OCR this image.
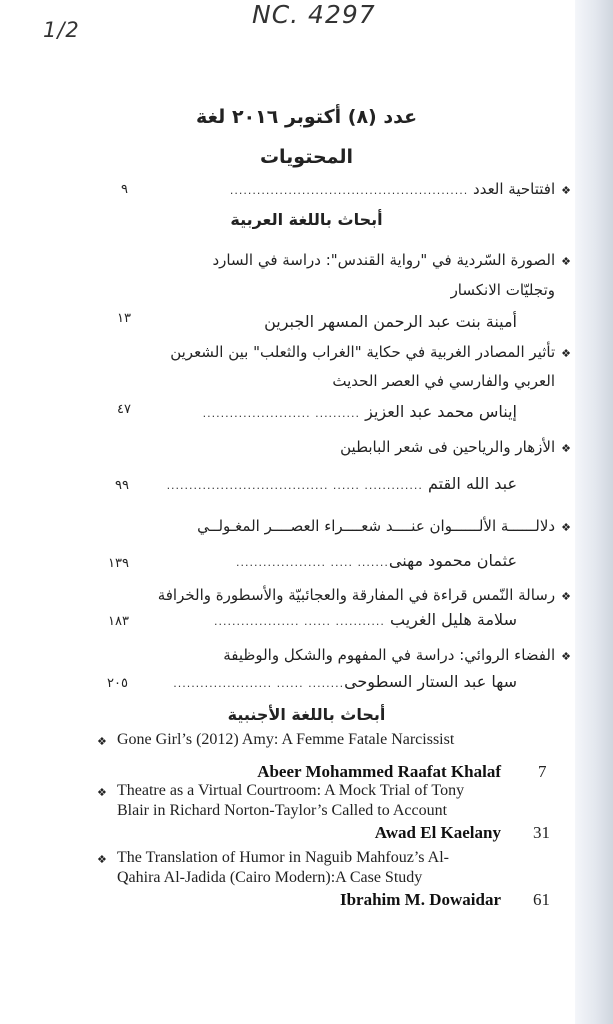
1/2
NC. 4297
عدد (٨) أكتوبر ٢٠١٦ لغة
المحتويات
❖افتتاحية العدد .....................................................
٩
أبحاث باللغة العربية
❖الصورة السّردية في "رواية القندس": دراسة في السارد
وتجليّات الانكسار
أمينة بنت عبد الرحمن المسهر الجبرين
١٣
❖تأثير المصادر الغربية في حكاية "الغراب والثعلب" بين الشعرين
العربي والفارسي في العصر الحديث
إيناس محمد عبد العزيز .......... ........................
٤٧
❖الأزهار والرياحين فى شعر البابطين
عبد الله القتم ............. ...... ....................................
٩٩
❖دلالــــــة الألــــــوان عنــــد شعــــراء العصــــر المغـولــي
عثمان محمود مهنى....... ..... ....................
١٣٩
❖رسالة النّمس قراءة في المفارقة والعجائبيّة والأسطورة والخرافة
سلامة هليل الغريب ........... ...... ...................
١٨٣
❖الفضاء الروائي: دراسة في المفهوم والشكل والوظيفة
سها عبد الستار السطوحى........ ...... ......................
٢٠٥
أبحاث باللغة الأجنبية
❖ Gone Girl’s (2012) Amy: A Femme Fatale Narcissist
Abeer Mohammed Raafat Khalaf 7
❖ Theatre as a Virtual Courtroom: A Mock Trial of Tony
Blair in Richard Norton-Taylor’s Called to Account
Awad El Kaelany 31
❖ The Translation of Humor in Naguib Mahfouz’s Al-
Qahira Al-Jadida (Cairo Modern):A Case Study
Ibrahim M. Dowaidar 61
